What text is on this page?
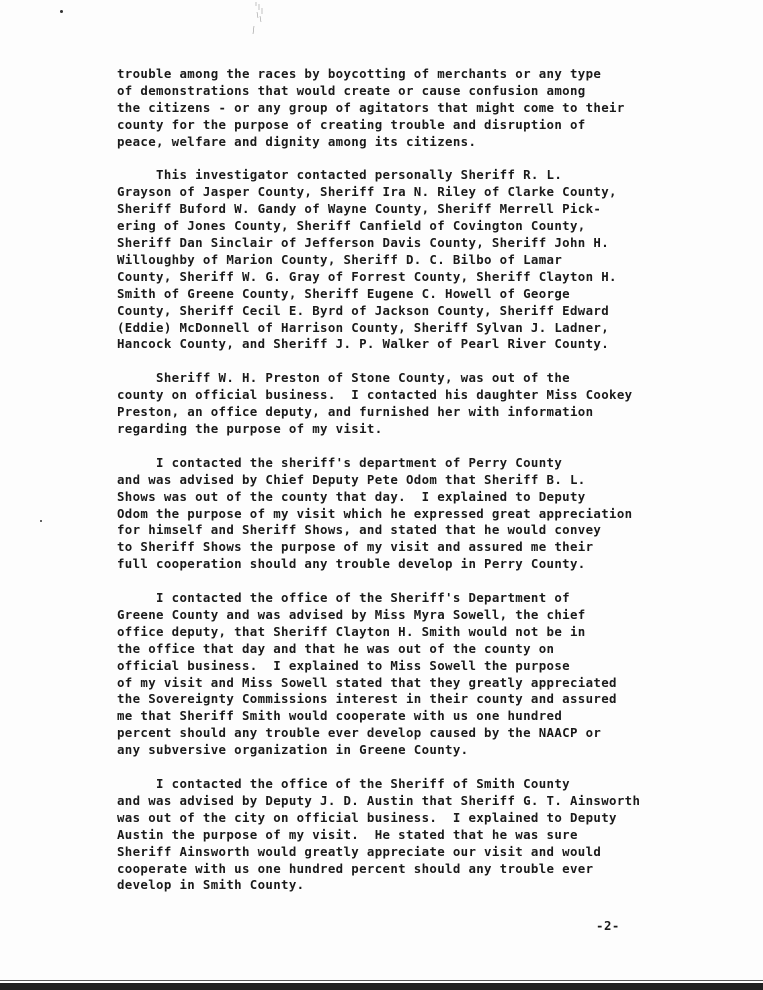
trouble among the races by boycotting of merchants or any type
of demonstrations that would create or cause confusion among
the citizens - or any group of agitators that might come to their
county for the purpose of creating trouble and disruption of
peace, welfare and dignity among its citizens.
This investigator contacted personally Sheriff R. L.
Grayson of Jasper County, Sheriff Ira N. Riley of Clarke County,
Sheriff Buford W. Gandy of Wayne County, Sheriff Merrell Pick-
ering of Jones County, Sheriff Canfield of Covington County,
Sheriff Dan Sinclair of Jefferson Davis County, Sheriff John H.
Willoughby of Marion County, Sheriff D. C. Bilbo of Lamar
County, Sheriff W. G. Gray of Forrest County, Sheriff Clayton H.
Smith of Greene County, Sheriff Eugene C. Howell of George
County, Sheriff Cecil E. Byrd of Jackson County, Sheriff Edward
(Eddie) McDonnell of Harrison County, Sheriff Sylvan J. Ladner,
Hancock County, and Sheriff J. P. Walker of Pearl River County.
Sheriff W. H. Preston of Stone County, was out of the
county on official business.  I contacted his daughter Miss Cookey
Preston, an office deputy, and furnished her with information
regarding the purpose of my visit.
I contacted the sheriff's department of Perry County
and was advised by Chief Deputy Pete Odom that Sheriff B. L.
Shows was out of the county that day.  I explained to Deputy
Odom the purpose of my visit which he expressed great appreciation
for himself and Sheriff Shows, and stated that he would convey
to Sheriff Shows the purpose of my visit and assured me their
full cooperation should any trouble develop in Perry County.
I contacted the office of the Sheriff's Department of
Greene County and was advised by Miss Myra Sowell, the chief
office deputy, that Sheriff Clayton H. Smith would not be in
the office that day and that he was out of the county on
official business.  I explained to Miss Sowell the purpose
of my visit and Miss Sowell stated that they greatly appreciated
the Sovereignty Commissions interest in their county and assured
me that Sheriff Smith would cooperate with us one hundred
percent should any trouble ever develop caused by the NAACP or
any subversive organization in Greene County.
I contacted the office of the Sheriff of Smith County
and was advised by Deputy J. D. Austin that Sheriff G. T. Ainsworth
was out of the city on official business.  I explained to Deputy
Austin the purpose of my visit.  He stated that he was sure
Sheriff Ainsworth would greatly appreciate our visit and would
cooperate with us one hundred percent should any trouble ever
develop in Smith County.
-2-
